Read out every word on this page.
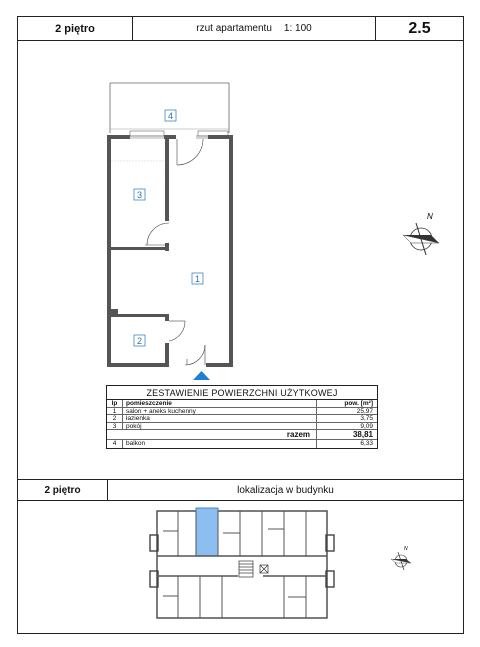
2 piętro	rzut apartamentu 1: 100	2.5
4
3
1
2
N
ZESTAWIENIE POWIERZCHNI UŻYTKOWEJ
lp	pomieszczenie	pow. [m²]
1	salon + aneks kuchenny	25,97
2	łazienka	3,75
3	pokój	9,09
razem	38,81
4	balkon	6,33
2 piętro	lokalizacja w budynku
N
